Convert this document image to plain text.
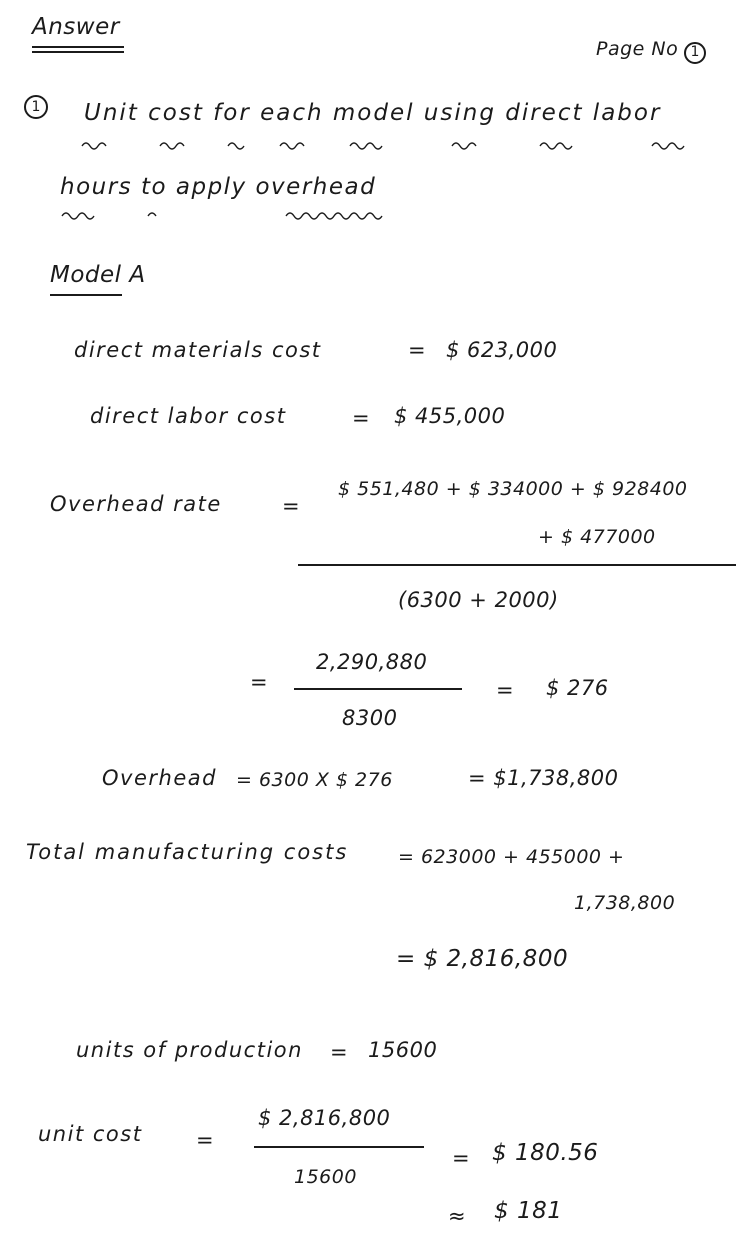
Answer
Page No 1
1	Unit cost for each model using direct labor
hours to apply overhead
Model A
direct materials cost	= $ 623,000
direct labor cost	= $ 455,000
Overhead rate	=
$ 551,480 + $ 334000 + $ 928400
+ $ 477000
(6300 + 2000)
=
2,290,880
8300
= $ 276
Overhead = 6300 X $ 276	= $1,738,800
Total manufacturing costs	= 623000 + 455000 +
1,738,800
= $ 2,816,800
units of production = 15600
unit cost	=
$ 2,816,800
15600
= $ 180.56
≈ $ 181
